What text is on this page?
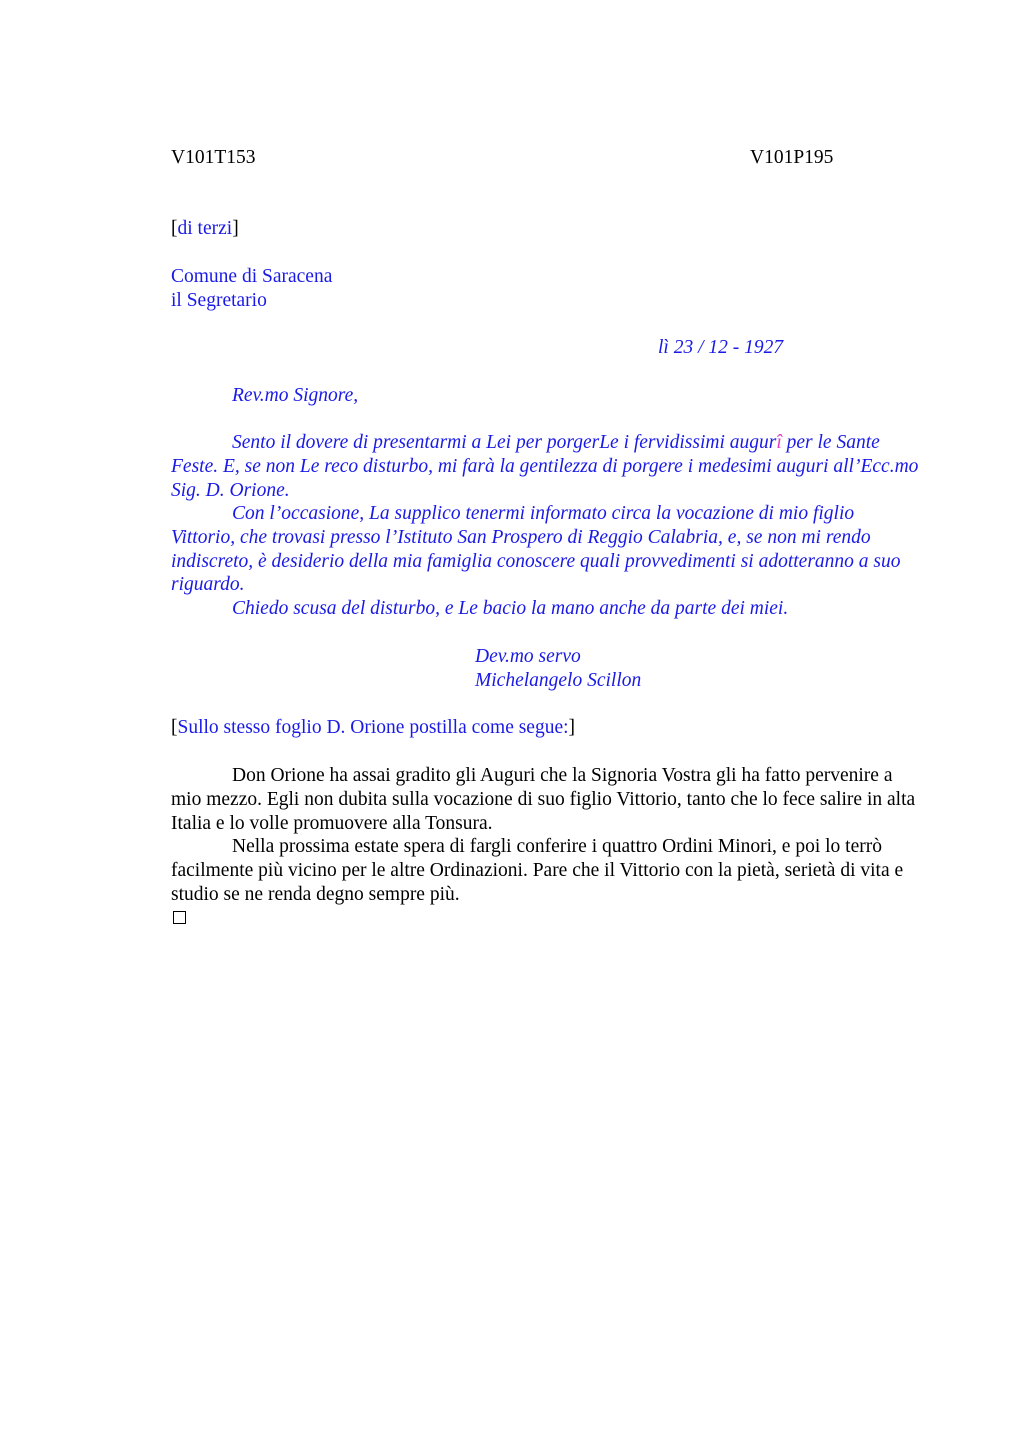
V101T153	V101P195
[di terzi]
Comune di Saracena
il Segretario
lì 23 / 12 - 1927
Rev.mo Signore,
Sento il dovere di presentarmi a Lei per porgerLe i fervidissimi augurî per le Sante Feste. E, se non Le reco disturbo, mi farà la gentilezza di porgere i medesimi auguri all’Ecc.mo Sig. D. Orione.
Con l’occasione, La supplico tenermi informato circa la vocazione di mio figlio Vittorio, che trovasi presso l’Istituto San Prospero di Reggio Calabria, e, se non mi rendo indiscreto, è desiderio della mia famiglia conoscere quali provvedimenti si adotteranno a suo riguardo.
Chiedo scusa del disturbo, e Le bacio la mano anche da parte dei miei.
Dev.mo servo
Michelangelo Scillon
[Sullo stesso foglio D. Orione postilla come segue:]
Don Orione ha assai gradito gli Auguri che la Signoria Vostra gli ha fatto pervenire a mio mezzo. Egli non dubita sulla vocazione di suo figlio Vittorio, tanto che lo fece salire in alta Italia e lo volle promuovere alla Tonsura.
Nella prossima estate spera di fargli conferire i quattro Ordini Minori, e poi lo terrò facilmente più vicino per le altre Ordinazioni. Pare che il Vittorio con la pietà, serietà di vita e studio se ne renda degno sempre più.
